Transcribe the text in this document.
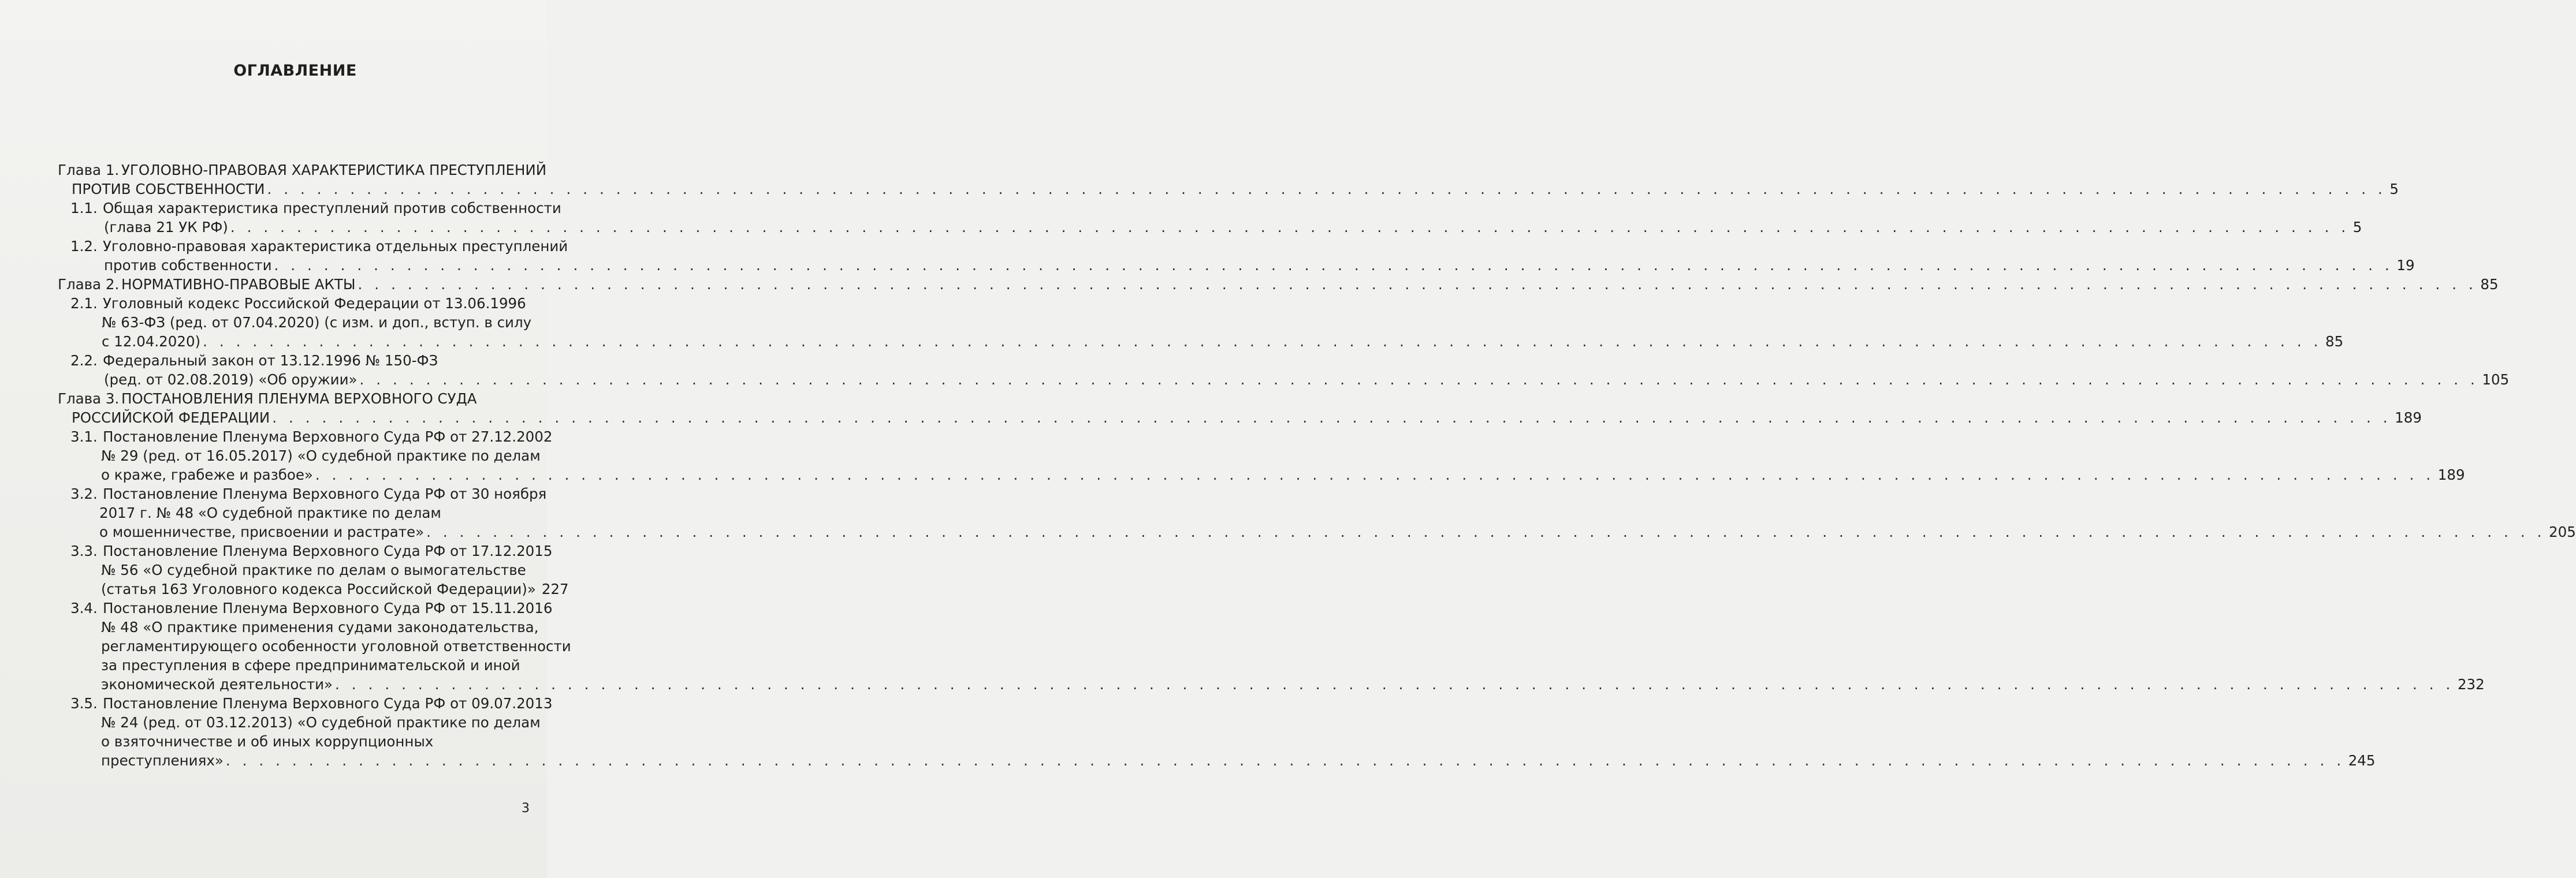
ОГЛАВЛЕНИЕ
Глава 1. УГОЛОВНО-ПРАВОВАЯ ХАРАКТЕРИСТИКА ПРЕСТУПЛЕНИЙ
ПРОТИВ СОБСТВЕННОСТИ . . . . . . . . . . . . . . . . . . . . . . . . . . . . . . . . . . . . . . . . . . . . . . . . . . . . . . . . . . . . . . . . . . . . . . . . . . . . . . . . . . . . . . . . . . . . . . . . . . . . . . . . . . . . . . . . . . . . . . . . . . . . . . . . 5
1.1. Общая характеристика преступлений против собственности
(глава 21 УК РФ) . . . . . . . . . . . . . . . . . . . . . . . . . . . . . . . . . . . . . . . . . . . . . . . . . . . . . . . . . . . . . . . . . . . . . . . . . . . . . . . . . . . . . . . . . . . . . . . . . . . . . . . . . . . . . . . . . . . . . . . . . . . . . . . . 5
1.2. Уголовно-правовая характеристика отдельных преступлений
против собственности . . . . . . . . . . . . . . . . . . . . . . . . . . . . . . . . . . . . . . . . . . . . . . . . . . . . . . . . . . . . . . . . . . . . . . . . . . . . . . . . . . . . . . . . . . . . . . . . . . . . . . . . . . . . . . . . . . . . . . . . . . . . . . . . 19
Глава 2. НОРМАТИВНО-ПРАВОВЫЕ АКТЫ . . . . . . . . . . . . . . . . . . . . . . . . . . . . . . . . . . . . . . . . . . . . . . . . . . . . . . . . . . . . . . . . . . . . . . . . . . . . . . . . . . . . . . . . . . . . . . . . . . . . . . . . . . . . . . . . . . . . . . . . . . . . . . . . 85
2.1. Уголовный кодекс Российской Федерации от 13.06.1996
№ 63-ФЗ (ред. от 07.04.2020) (с изм. и доп., вступ. в силу
с 12.04.2020) . . . . . . . . . . . . . . . . . . . . . . . . . . . . . . . . . . . . . . . . . . . . . . . . . . . . . . . . . . . . . . . . . . . . . . . . . . . . . . . . . . . . . . . . . . . . . . . . . . . . . . . . . . . . . . . . . . . . . . . . . . . . . . . . 85
2.2. Федеральный закон от 13.12.1996 № 150-ФЗ
(ред. от 02.08.2019) «Об оружии» . . . . . . . . . . . . . . . . . . . . . . . . . . . . . . . . . . . . . . . . . . . . . . . . . . . . . . . . . . . . . . . . . . . . . . . . . . . . . . . . . . . . . . . . . . . . . . . . . . . . . . . . . . . . . . . . . . . . . . . . . . . . . . . . 105
Глава 3. ПОСТАНОВЛЕНИЯ ПЛЕНУМА ВЕРХОВНОГО СУДА
РОССИЙСКОЙ ФЕДЕРАЦИИ . . . . . . . . . . . . . . . . . . . . . . . . . . . . . . . . . . . . . . . . . . . . . . . . . . . . . . . . . . . . . . . . . . . . . . . . . . . . . . . . . . . . . . . . . . . . . . . . . . . . . . . . . . . . . . . . . . . . . . . . . . . . . . . . 189
3.1. Постановление Пленума Верховного Суда РФ от 27.12.2002
№ 29 (ред. от 16.05.2017) «О судебной практике по делам
о краже, грабеже и разбое» . . . . . . . . . . . . . . . . . . . . . . . . . . . . . . . . . . . . . . . . . . . . . . . . . . . . . . . . . . . . . . . . . . . . . . . . . . . . . . . . . . . . . . . . . . . . . . . . . . . . . . . . . . . . . . . . . . . . . . . . . . . . . . . . 189
3.2. Постановление Пленума Верховного Суда РФ от 30 ноября
2017 г. № 48 «О судебной практике по делам
о мошенничестве, присвоении и растрате» . . . . . . . . . . . . . . . . . . . . . . . . . . . . . . . . . . . . . . . . . . . . . . . . . . . . . . . . . . . . . . . . . . . . . . . . . . . . . . . . . . . . . . . . . . . . . . . . . . . . . . . . . . . . . . . . . . . . . . . . . . . . . . . . 205
3.3. Постановление Пленума Верховного Суда РФ от 17.12.2015
№ 56 «О судебной практике по делам о вымогательстве
(статья 163 Уголовного кодекса Российской Федерации)» 227
3.4. Постановление Пленума Верховного Суда РФ от 15.11.2016
№ 48 «О практике применения судами законодательства,
регламентирующего особенности уголовной ответственности
за преступления в сфере предпринимательской и иной
экономической деятельности» . . . . . . . . . . . . . . . . . . . . . . . . . . . . . . . . . . . . . . . . . . . . . . . . . . . . . . . . . . . . . . . . . . . . . . . . . . . . . . . . . . . . . . . . . . . . . . . . . . . . . . . . . . . . . . . . . . . . . . . . . . . . . . . . 232
3.5. Постановление Пленума Верховного Суда РФ от 09.07.2013
№ 24 (ред. от 03.12.2013) «О судебной практике по делам
о взяточничестве и об иных коррупционных
преступлениях» . . . . . . . . . . . . . . . . . . . . . . . . . . . . . . . . . . . . . . . . . . . . . . . . . . . . . . . . . . . . . . . . . . . . . . . . . . . . . . . . . . . . . . . . . . . . . . . . . . . . . . . . . . . . . . . . . . . . . . . . . . . . . . . . 245
3
